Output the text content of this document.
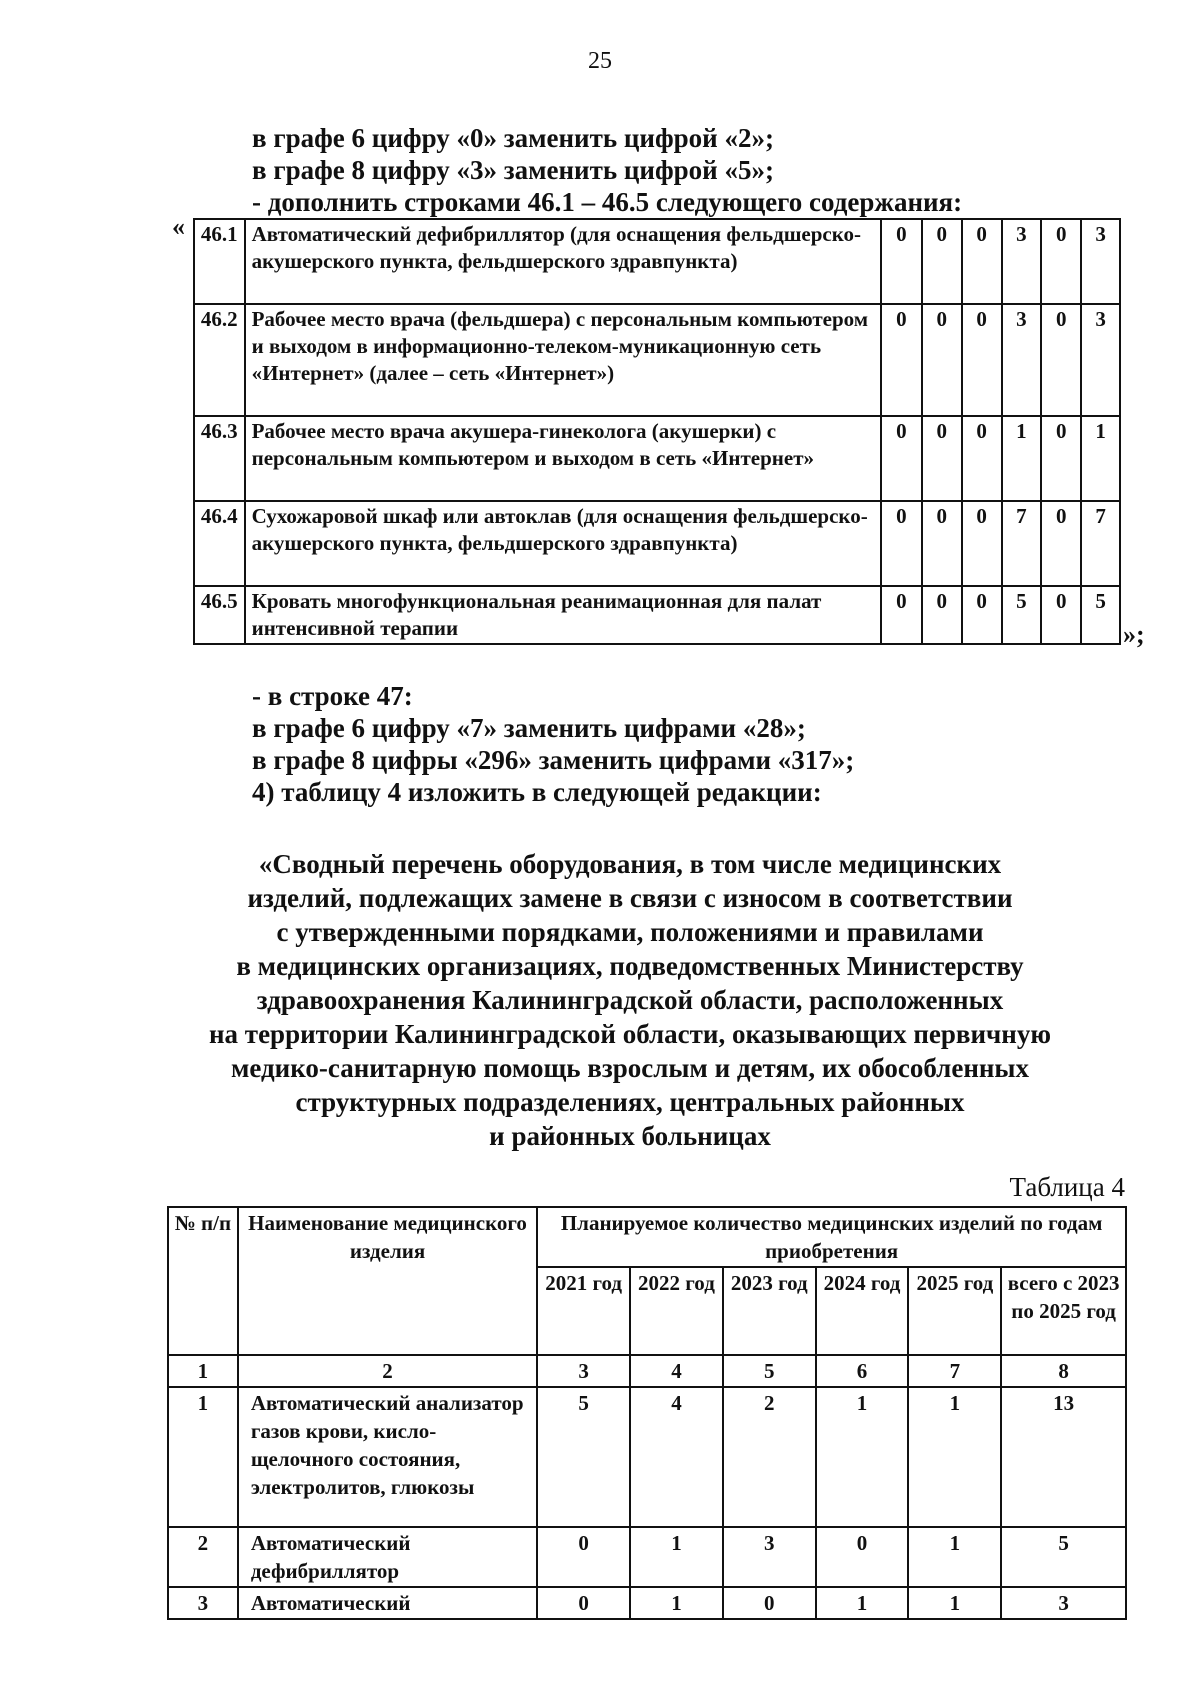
25
в графе 6 цифру «0» заменить цифрой «2»;
в графе 8 цифру «3» заменить цифрой «5»;
- дополнить строками 46.1 – 46.5 следующего содержания:
« 46.1	Автоматический дефибриллятор (для оснащения фельдшерско-акушерского пункта, фельдшерского здравпункта)	0	0	0	3	0	3
46.2	Рабочее место врача (фельдшера) с персональным компьютером и выходом в информационно-телеком-муникационную сеть «Интернет» (далее – сеть «Интернет»)	0	0	0	3	0	3
46.3	Рабочее место врача акушера-гинеколога (акушерки) с персональным компьютером и выходом в сеть «Интернет»	0	0	0	1	0	1
46.4	Сухожаровой шкаф или автоклав (для оснащения фельдшерско-акушерского пункта, фельдшерского здравпункта)	0	0	0	7	0	7
46.5	Кровать многофункциональная реанимационная для палат интенсивной терапии	0	0	0	5	0	5
»;
- в строке 47:
в графе 6 цифру «7» заменить цифрами «28»;
в графе 8 цифры «296» заменить цифрами «317»;
4) таблицу 4 изложить в следующей редакции:
«Сводный перечень оборудования, в том числе медицинских
изделий, подлежащих замене в связи с износом в соответствии
с утвержденными порядками, положениями и правилами
в медицинских организациях, подведомственных Министерству
здравоохранения Калининградской области, расположенных
на территории Калининградской области, оказывающих первичную
медико-санитарную помощь взрослым и детям, их обособленных
структурных подразделениях, центральных районных
и районных больницах
Таблица 4
№ п/п	Наименование медицинского изделия	Планируемое количество медицинских изделий по годам приобретения					
		2021 год	2022 год	2023 год	2024 год	2025 год	всего с 2023 по 2025 год
1	2	3	4	5	6	7	8
1	Автоматический анализатор газов крови, кисло-щелочного состояния, электролитов, глюкозы	5	4	2	1	1	13
2	Автоматический дефибриллятор	0	1	3	0	1	5
3	Автоматический	0	1	0	1	1	3
